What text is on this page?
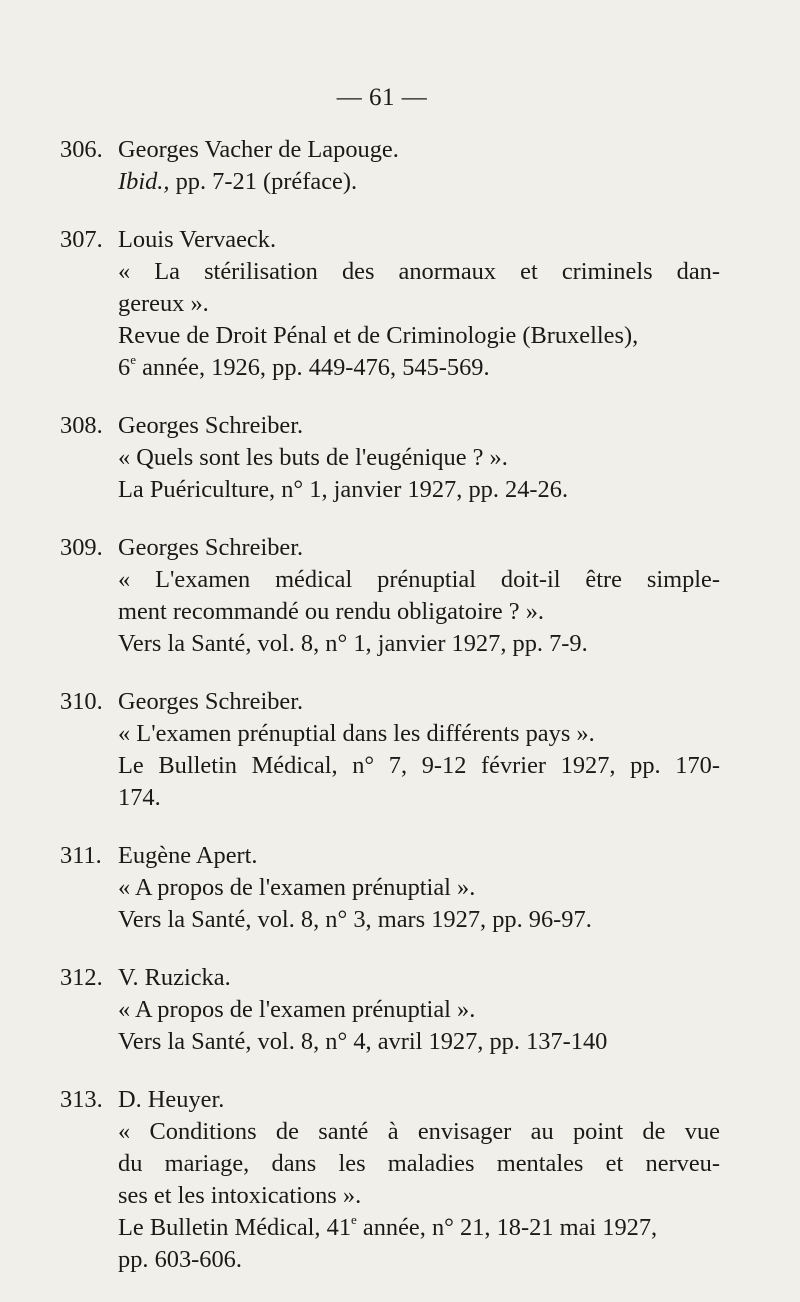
— 61 —
306. Georges Vacher de Lapouge.
Ibid., pp. 7-21 (préface).
307. Louis Vervaeck.
« La stérilisation des anormaux et criminels dan-
gereux ».
Revue de Droit Pénal et de Criminologie (Bruxelles),
6e année, 1926, pp. 449-476, 545-569.
308. Georges Schreiber.
« Quels sont les buts de l'eugénique ? ».
La Puériculture, n° 1, janvier 1927, pp. 24-26.
309. Georges Schreiber.
« L'examen médical prénuptial doit-il être simple-
ment recommandé ou rendu obligatoire ? ».
Vers la Santé, vol. 8, n° 1, janvier 1927, pp. 7-9.
310. Georges Schreiber.
« L'examen prénuptial dans les différents pays ».
Le Bulletin Médical, n° 7, 9-12 février 1927, pp. 170-
174.
311. Eugène Apert.
« A propos de l'examen prénuptial ».
Vers la Santé, vol. 8, n° 3, mars 1927, pp. 96-97.
312. V. Ruzicka.
« A propos de l'examen prénuptial ».
Vers la Santé, vol. 8, n° 4, avril 1927, pp. 137-140
313. D. Heuyer.
« Conditions de santé à envisager au point de vue
du mariage, dans les maladies mentales et nerveu-
ses et les intoxications ».
Le Bulletin Médical, 41e année, n° 21, 18-21 mai 1927,
pp. 603-606.
